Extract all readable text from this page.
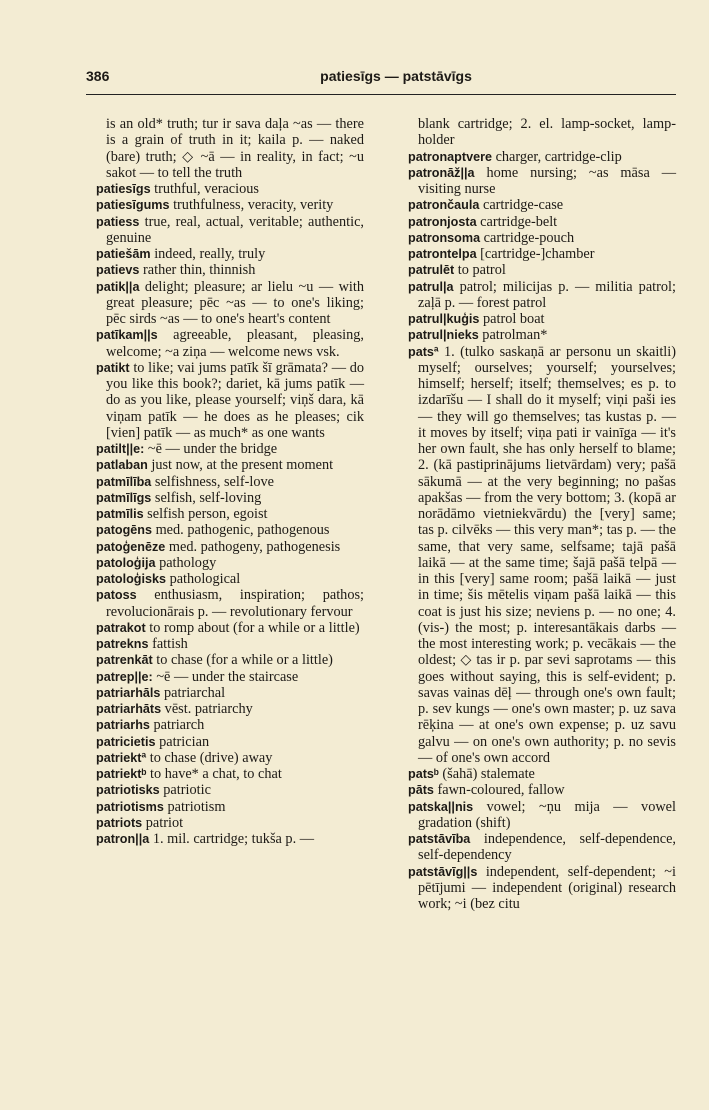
386	patiesīgs — patstāvīgs

is an old* truth; tur ir sava daļa ~as — there is a grain of truth in it; kaila p. — naked (bare) truth; ◇ ~ā — in reality, in fact; ~u sakot — to tell the truth

patiesīgs truthful, veracious

patiesīgums truthfulness, veracity, verity

patiess true, real, actual, veritable; authentic, genuine

patiešām indeed, really, truly

patievs rather thin, thinnish

patik||a delight; pleasure; ar lielu ~u — with great pleasure; pēc ~as — to one's liking; pēc sirds ~as — to one's heart's content

patīkam||s agreeable, pleasant, pleasing, welcome; ~a ziņa — welcome news vsk.

patikt to like; vai jums patīk šī grāmata? — do you like this book?; dariet, kā jums patīk — do as you like, please yourself; viņš dara, kā viņam patīk — he does as he pleases; cik [vien] patīk — as much* as one wants

patilt||e: ~ē — under the bridge

patlaban just now, at the present moment

patmīlība selfishness, self-love

patmīlīgs selfish, self-loving

patmīlis selfish person, egoist

patogēns med. pathogenic, pathogenous

patoģenēze med. pathogeny, pathogenesis

patoloģija pathology

patoloģisks pathological

patoss enthusiasm, inspiration; pathos; revolucionārais p. — revolutionary fervour

patrakot to romp about (for a while or a little)

patrekns fattish

patrenkāt to chase (for a while or a little)

patrep||e: ~ē — under the staircase

patriarhāls patriarchal

patriarhāts vēst. patriarchy

patriarhs patriarch

patricietis patrician

patriektª to chase (drive) away

patriektᵇ to have* a chat, to chat

patriotisks patriotic

patriotisms patriotism

patriots patriot

patron||a 1. mil. cartridge; tukša p. —

blank cartridge; 2. el. lamp-socket, lamp-holder

patronaptvere charger, cartridge-clip

patronāž||a home nursing; ~as māsa — visiting nurse

patrončaula cartridge-case

patronjosta cartridge-belt

patronsoma cartridge-pouch

patrontelpa [cartridge-]chamber

patrulēt to patrol

patrul|a patrol; milicijas p. — militia patrol; zaļā p. — forest patrol

patrul|kuģis patrol boat

patrul|nieks patrolman*

patsª 1. (tulko saskaņā ar personu un skaitli) myself; ourselves; yourself; yourselves; himself; herself; itself; themselves; es p. to izdarīšu — I shall do it myself; viņi paši ies — they will go themselves; tas kustas p. — it moves by itself; viņa pati ir vainīga — it's her own fault, she has only herself to blame; 2. (kā pastiprinājums lietvārdam) very; pašā sākumā — at the very beginning; no pašas apakšas — from the very bottom; 3. (kopā ar norādāmo vietniekvārdu) the [very] same; tas p. cilvēks — this very man*; tas p. — the same, that very same, selfsame; tajā pašā laikā — at the same time; šajā pašā telpā — in this [very] same room; pašā laikā — just in time; šis mētelis viņam pašā laikā — this coat is just his size; neviens p. — no one; 4. (vis-) the most; p. interesantākais darbs — the most interesting work; p. vecākais — the oldest; ◇ tas ir p. par sevi saprotams — this goes without saying, this is self-evident; p. savas vainas dēļ — through one's own fault; p. sev kungs — one's own master; p. uz sava rēķina — at one's own expense; p. uz savu galvu — on one's own authority; p. no sevis — of one's own accord

patsᵇ (šahā) stalemate

pāts fawn-coloured, fallow

patska||nis vowel; ~ņu mija — vowel gradation (shift)

patstāvība independence, self-dependence, self-dependency

patstāvīg||s independent, self-dependent; ~i pētījumi — independent (original) research work; ~i (bez citu
